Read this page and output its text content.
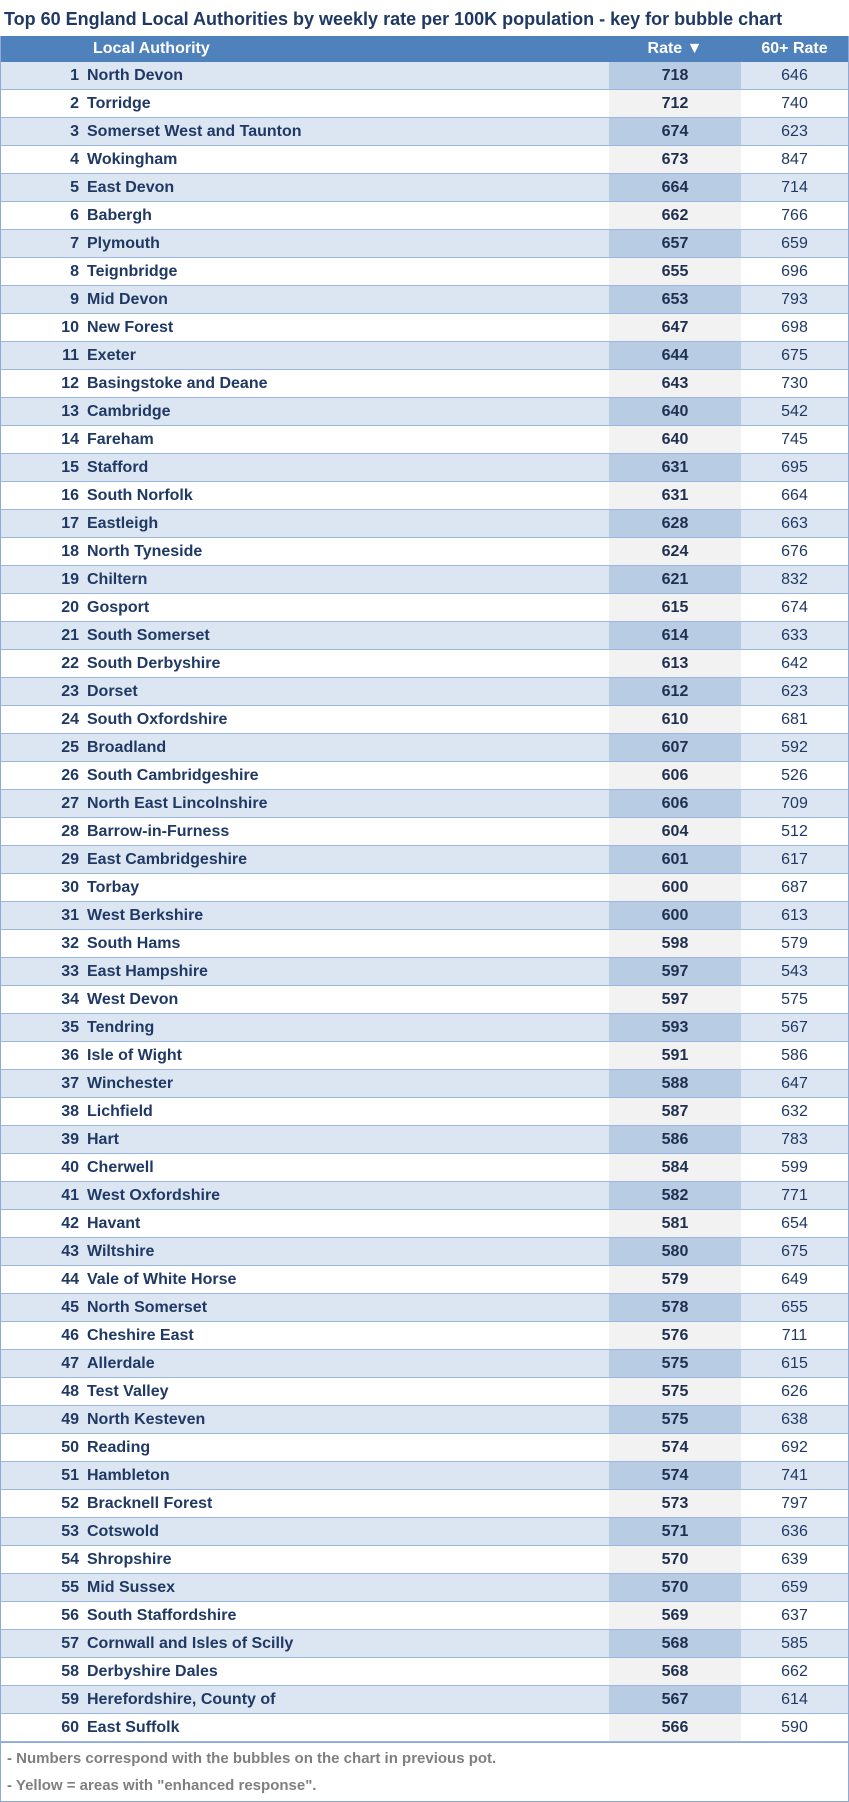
Top 60 England Local Authorities by weekly rate per 100K population - key for bubble chart
Local Authority	Rate ▼	60+ Rate
1 North Devon	718	646
2 Torridge	712	740
3 Somerset West and Taunton	674	623
4 Wokingham	673	847
5 East Devon	664	714
6 Babergh	662	766
7 Plymouth	657	659
8 Teignbridge	655	696
9 Mid Devon	653	793
10 New Forest	647	698
11 Exeter	644	675
12 Basingstoke and Deane	643	730
13 Cambridge	640	542
14 Fareham	640	745
15 Stafford	631	695
16 South Norfolk	631	664
17 Eastleigh	628	663
18 North Tyneside	624	676
19 Chiltern	621	832
20 Gosport	615	674
21 South Somerset	614	633
22 South Derbyshire	613	642
23 Dorset	612	623
24 South Oxfordshire	610	681
25 Broadland	607	592
26 South Cambridgeshire	606	526
27 North East Lincolnshire	606	709
28 Barrow-in-Furness	604	512
29 East Cambridgeshire	601	617
30 Torbay	600	687
31 West Berkshire	600	613
32 South Hams	598	579
33 East Hampshire	597	543
34 West Devon	597	575
35 Tendring	593	567
36 Isle of Wight	591	586
37 Winchester	588	647
38 Lichfield	587	632
39 Hart	586	783
40 Cherwell	584	599
41 West Oxfordshire	582	771
42 Havant	581	654
43 Wiltshire	580	675
44 Vale of White Horse	579	649
45 North Somerset	578	655
46 Cheshire East	576	711
47 Allerdale	575	615
48 Test Valley	575	626
49 North Kesteven	575	638
50 Reading	574	692
51 Hambleton	574	741
52 Bracknell Forest	573	797
53 Cotswold	571	636
54 Shropshire	570	639
55 Mid Sussex	570	659
56 South Staffordshire	569	637
57 Cornwall and Isles of Scilly	568	585
58 Derbyshire Dales	568	662
59 Herefordshire, County of	567	614
60 East Suffolk	566	590
- Numbers correspond with the bubbles on the chart in previous pot.
- Yellow = areas with "enhanced response".
